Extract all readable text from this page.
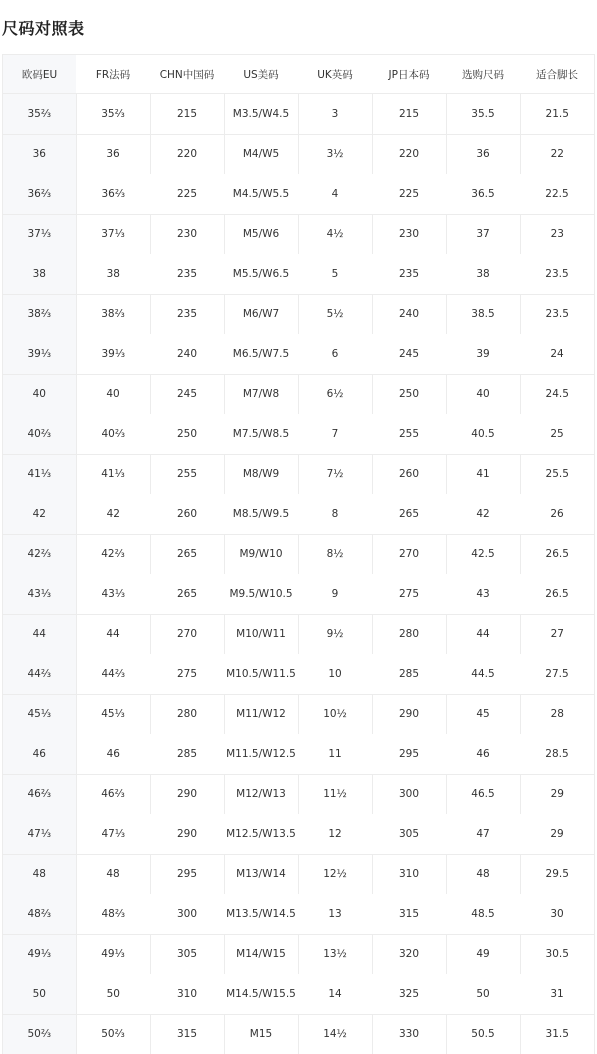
尺码对照表
欧码EU	FR法码	CHN中国码	US美码	UK英码	JP日本码	选购尺码	适合脚长
35⅔	35⅔	215	M3.5/W4.5	3	215	35.5	21.5
36	36	220	M4/W5	3½	220	36	22
36⅔	36⅔	225	M4.5/W5.5	4	225	36.5	22.5
37⅓	37⅓	230	M5/W6	4½	230	37	23
38	38	235	M5.5/W6.5	5	235	38	23.5
38⅔	38⅔	235	M6/W7	5½	240	38.5	23.5
39⅓	39⅓	240	M6.5/W7.5	6	245	39	24
40	40	245	M7/W8	6½	250	40	24.5
40⅔	40⅔	250	M7.5/W8.5	7	255	40.5	25
41⅓	41⅓	255	M8/W9	7½	260	41	25.5
42	42	260	M8.5/W9.5	8	265	42	26
42⅔	42⅔	265	M9/W10	8½	270	42.5	26.5
43⅓	43⅓	265	M9.5/W10.5	9	275	43	26.5
44	44	270	M10/W11	9½	280	44	27
44⅔	44⅔	275	M10.5/W11.5	10	285	44.5	27.5
45⅓	45⅓	280	M11/W12	10½	290	45	28
46	46	285	M11.5/W12.5	11	295	46	28.5
46⅔	46⅔	290	M12/W13	11½	300	46.5	29
47⅓	47⅓	290	M12.5/W13.5	12	305	47	29
48	48	295	M13/W14	12½	310	48	29.5
48⅔	48⅔	300	M13.5/W14.5	13	315	48.5	30
49⅓	49⅓	305	M14/W15	13½	320	49	30.5
50	50	310	M14.5/W15.5	14	325	50	31
50⅔	50⅔	315	M15	14½	330	50.5	31.5
